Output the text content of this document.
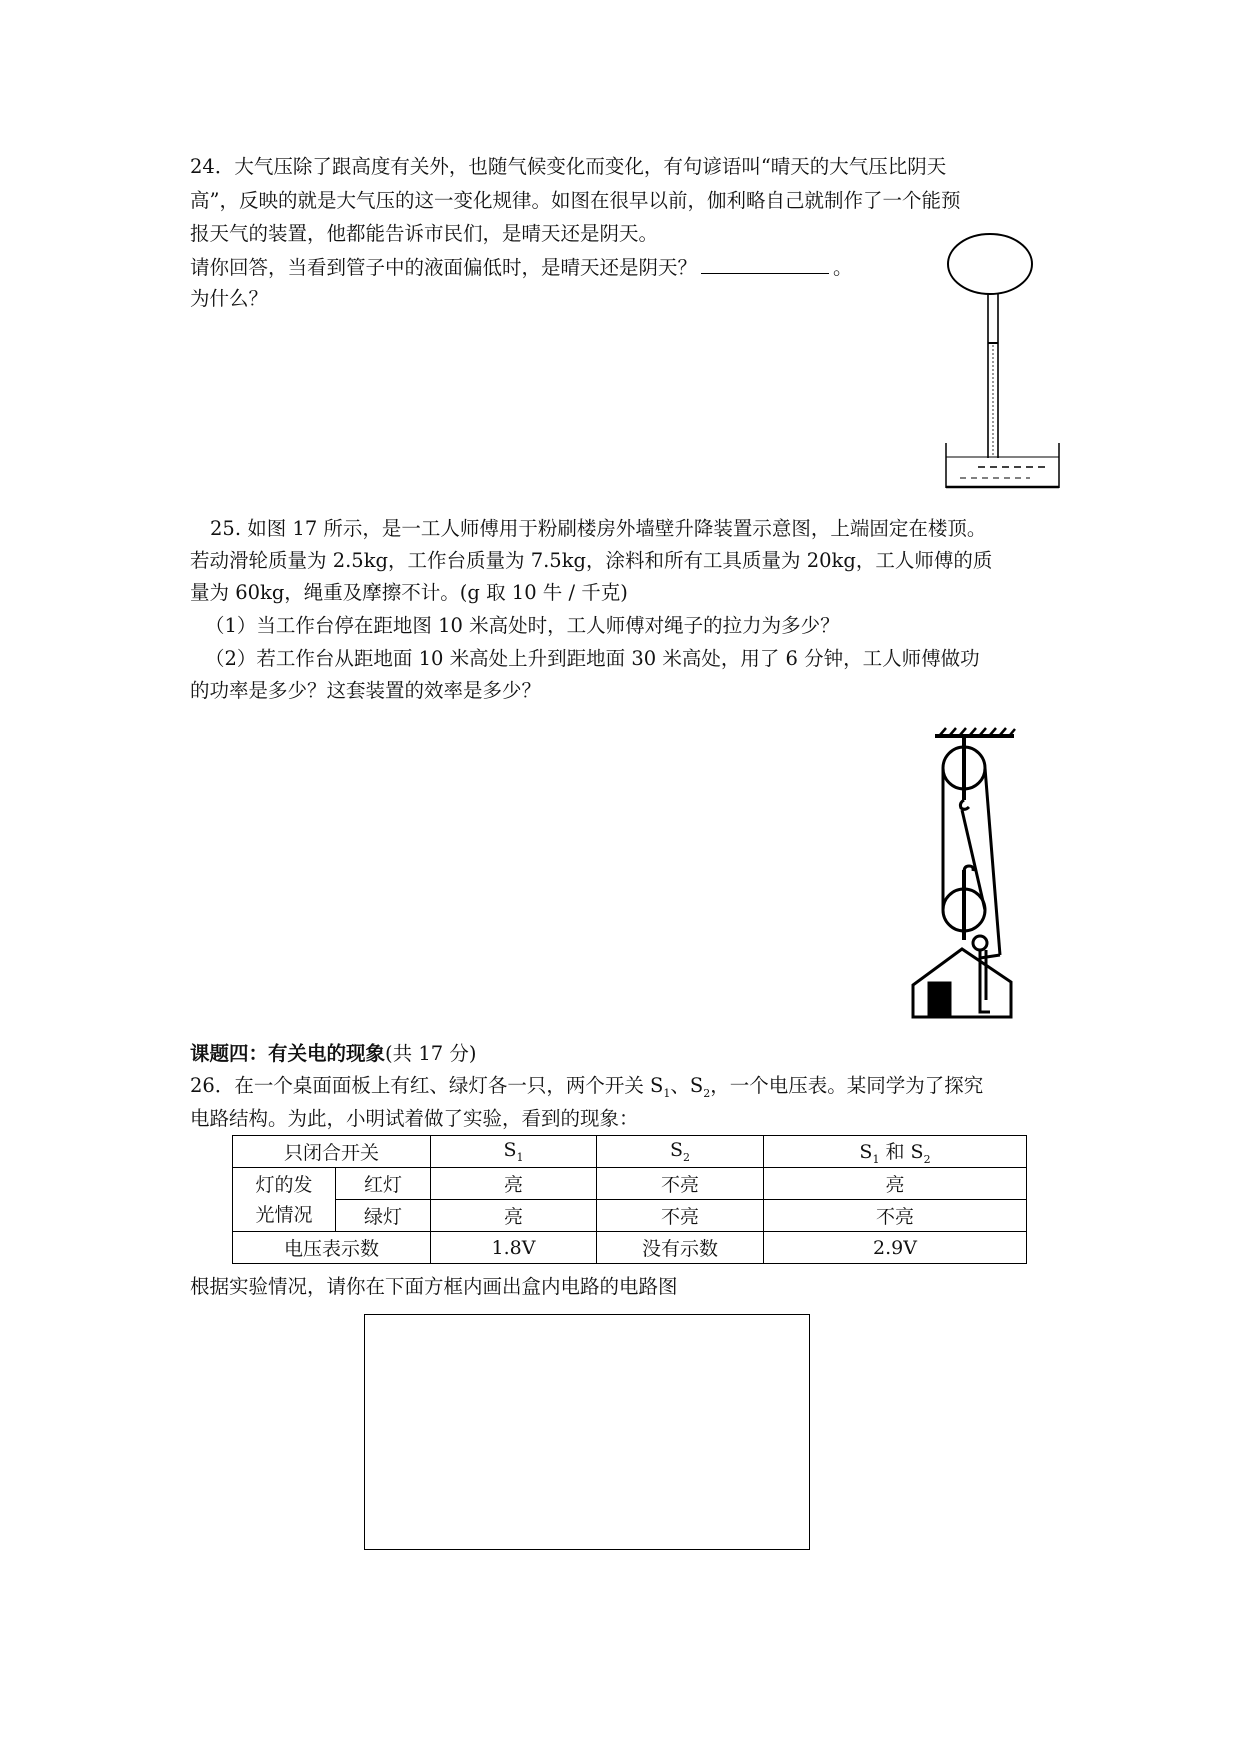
24．大气压除了跟高度有关外，也随气候变化而变化，有句谚语叫“晴天的大气压比阴天
高”，反映的就是大气压的这一变化规律。如图在很早以前，伽利略自己就制作了一个能预
报天气的装置，他都能告诉市民们，是晴天还是阴天。
请你回答，当看到管子中的液面偏低时，是晴天还是阴天？	。
为什么？
25. 如图 17 所示，是一工人师傅用于粉刷楼房外墙壁升降装置示意图，上端固定在楼顶。
若动滑轮质量为 2.5kg，工作台质量为 7.5kg，涂料和所有工具质量为 20kg，工人师傅的质
量为 60kg，绳重及摩擦不计。(g 取 10 牛 / 千克)
（1）当工作台停在距地图 10 米高处时，工人师傅对绳子的拉力为多少？
（2）若工作台从距地面 10 米高处上升到距地面 30 米高处，用了 6 分钟，工人师傅做功
的功率是多少？这套装置的效率是多少？
课题四：有关电的现象(共 17 分)
26．在一个桌面面板上有红、绿灯各一只，两个开关 $S_1$、$S_2$，一个电压表。某同学为了探究
电路结构。为此，小明试着做了实验，看到的现象：
只闭合开关		$S_1$	$S_2$	$S_1$ 和 $S_2$
灯的发
光情况	红灯	亮	不亮	亮
	绿灯	亮	不亮	不亮
电压表示数		1.8V	没有示数	2.9V
根据实验情况，请你在下面方框内画出盒内电路的电路图
